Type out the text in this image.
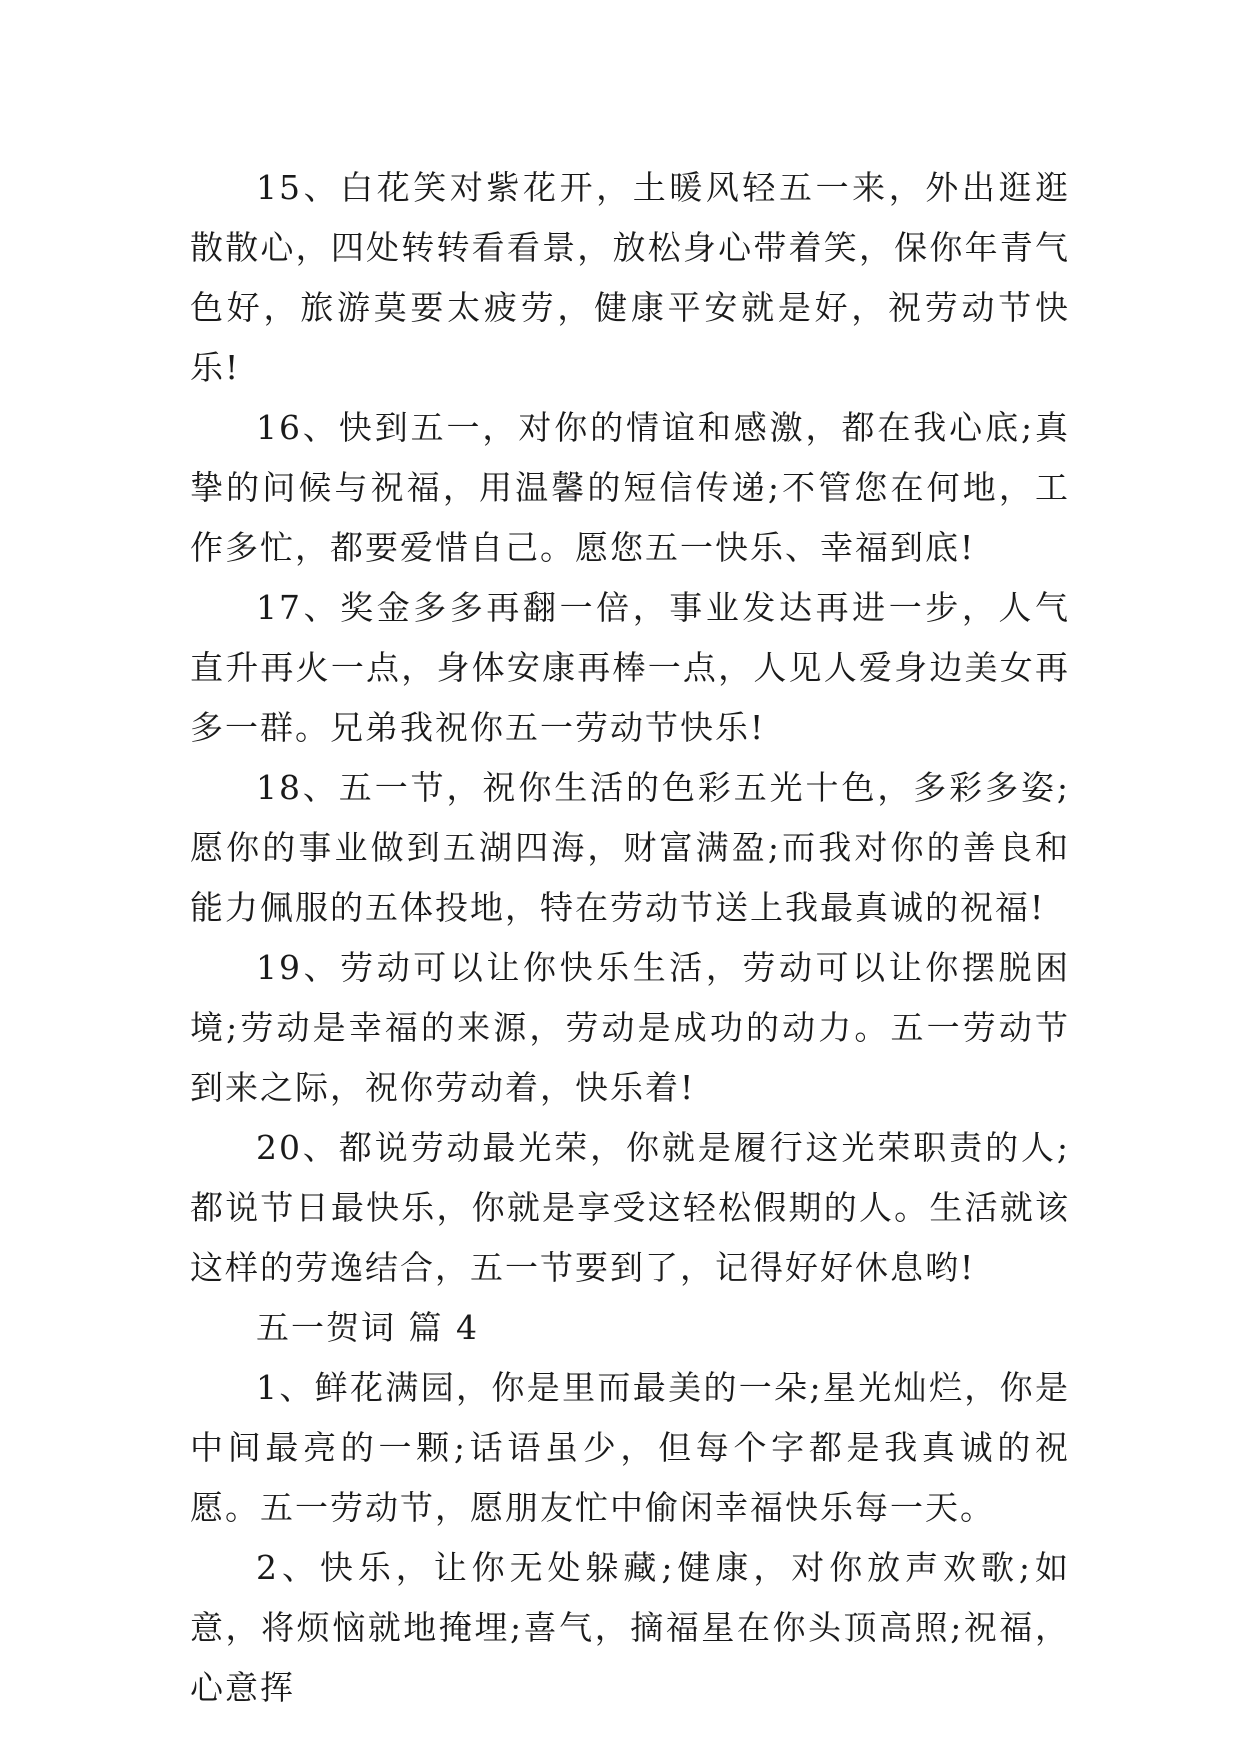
15、白花笑对紫花开，土暖风轻五一来，外出逛逛散散心，四处转转看看景，放松身心带着笑，保你年青气色好，旅游莫要太疲劳，健康平安就是好，祝劳动节快乐!

16、快到五一，对你的情谊和感激，都在我心底;真挚的问候与祝福，用温馨的短信传递;不管您在何地，工作多忙，都要爱惜自己。愿您五一快乐、幸福到底!

17、奖金多多再翻一倍，事业发达再进一步，人气直升再火一点，身体安康再棒一点，人见人爱身边美女再多一群。兄弟我祝你五一劳动节快乐!

18、五一节，祝你生活的色彩五光十色，多彩多姿;愿你的事业做到五湖四海，财富满盈;而我对你的善良和能力佩服的五体投地，特在劳动节送上我最真诚的祝福!

19、劳动可以让你快乐生活，劳动可以让你摆脱困境;劳动是幸福的来源，劳动是成功的动力。五一劳动节到来之际，祝你劳动着，快乐着!

20、都说劳动最光荣，你就是履行这光荣职责的人;都说节日最快乐，你就是享受这轻松假期的人。生活就该这样的劳逸结合，五一节要到了，记得好好休息哟!

五一贺词 篇 4

1、鲜花满园，你是里而最美的一朵;星光灿烂，你是中间最亮的一颗;话语虽少，但每个字都是我真诚的祝愿。五一劳动节，愿朋友忙中偷闲幸福快乐每一天。

2、快乐，让你无处躲藏;健康，对你放声欢歌;如意，将烦恼就地掩埋;喜气，摘福星在你头顶高照;祝福，心意挥
